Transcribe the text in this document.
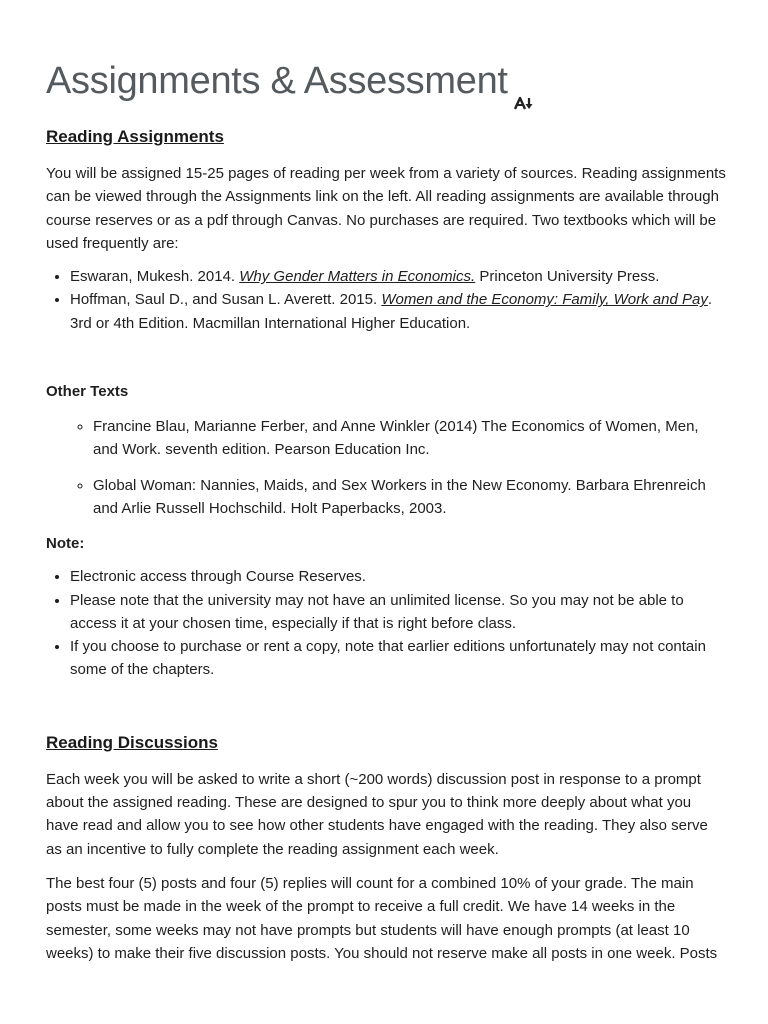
Assignments & Assessment
Reading Assignments

You will be assigned 15-25 pages of reading per week from a variety of sources. Reading assignments can be viewed through the Assignments link on the left. All reading assignments are available through course reserves or as a pdf through Canvas. No purchases are required. Two textbooks which will be used frequently are:

• Eswaran, Mukesh. 2014. Why Gender Matters in Economics. Princeton University Press.
• Hoffman, Saul D., and Susan L. Averett. 2015. Women and the Economy: Family, Work and Pay. 3rd or 4th Edition. Macmillan International Higher Education.
Other Texts
◦ Francine Blau, Marianne Ferber, and Anne Winkler (2014) The Economics of Women, Men, and Work. seventh edition. Pearson Education Inc.
◦ Global Woman: Nannies, Maids, and Sex Workers in the New Economy. Barbara Ehrenreich and Arlie Russell Hochschild. Holt Paperbacks, 2003.
Note:
• Electronic access through Course Reserves.
• Please note that the university may not have an unlimited license. So you may not be able to access it at your chosen time, especially if that is right before class.
• If you choose to purchase or rent a copy, note that earlier editions unfortunately may not contain some of the chapters.
Reading Discussions

Each week you will be asked to write a short (~200 words) discussion post in response to a prompt about the assigned reading. These are designed to spur you to think more deeply about what you have read and allow you to see how other students have engaged with the reading. They also serve as an incentive to fully complete the reading assignment each week.

The best four (5) posts and four (5) replies will count for a combined 10% of your grade. The main posts must be made in the week of the prompt to receive a full credit. We have 14 weeks in the semester, some weeks may not have prompts but students will have enough prompts (at least 10 weeks) to make their five discussion posts. You should not reserve make all posts in one week. Posts
